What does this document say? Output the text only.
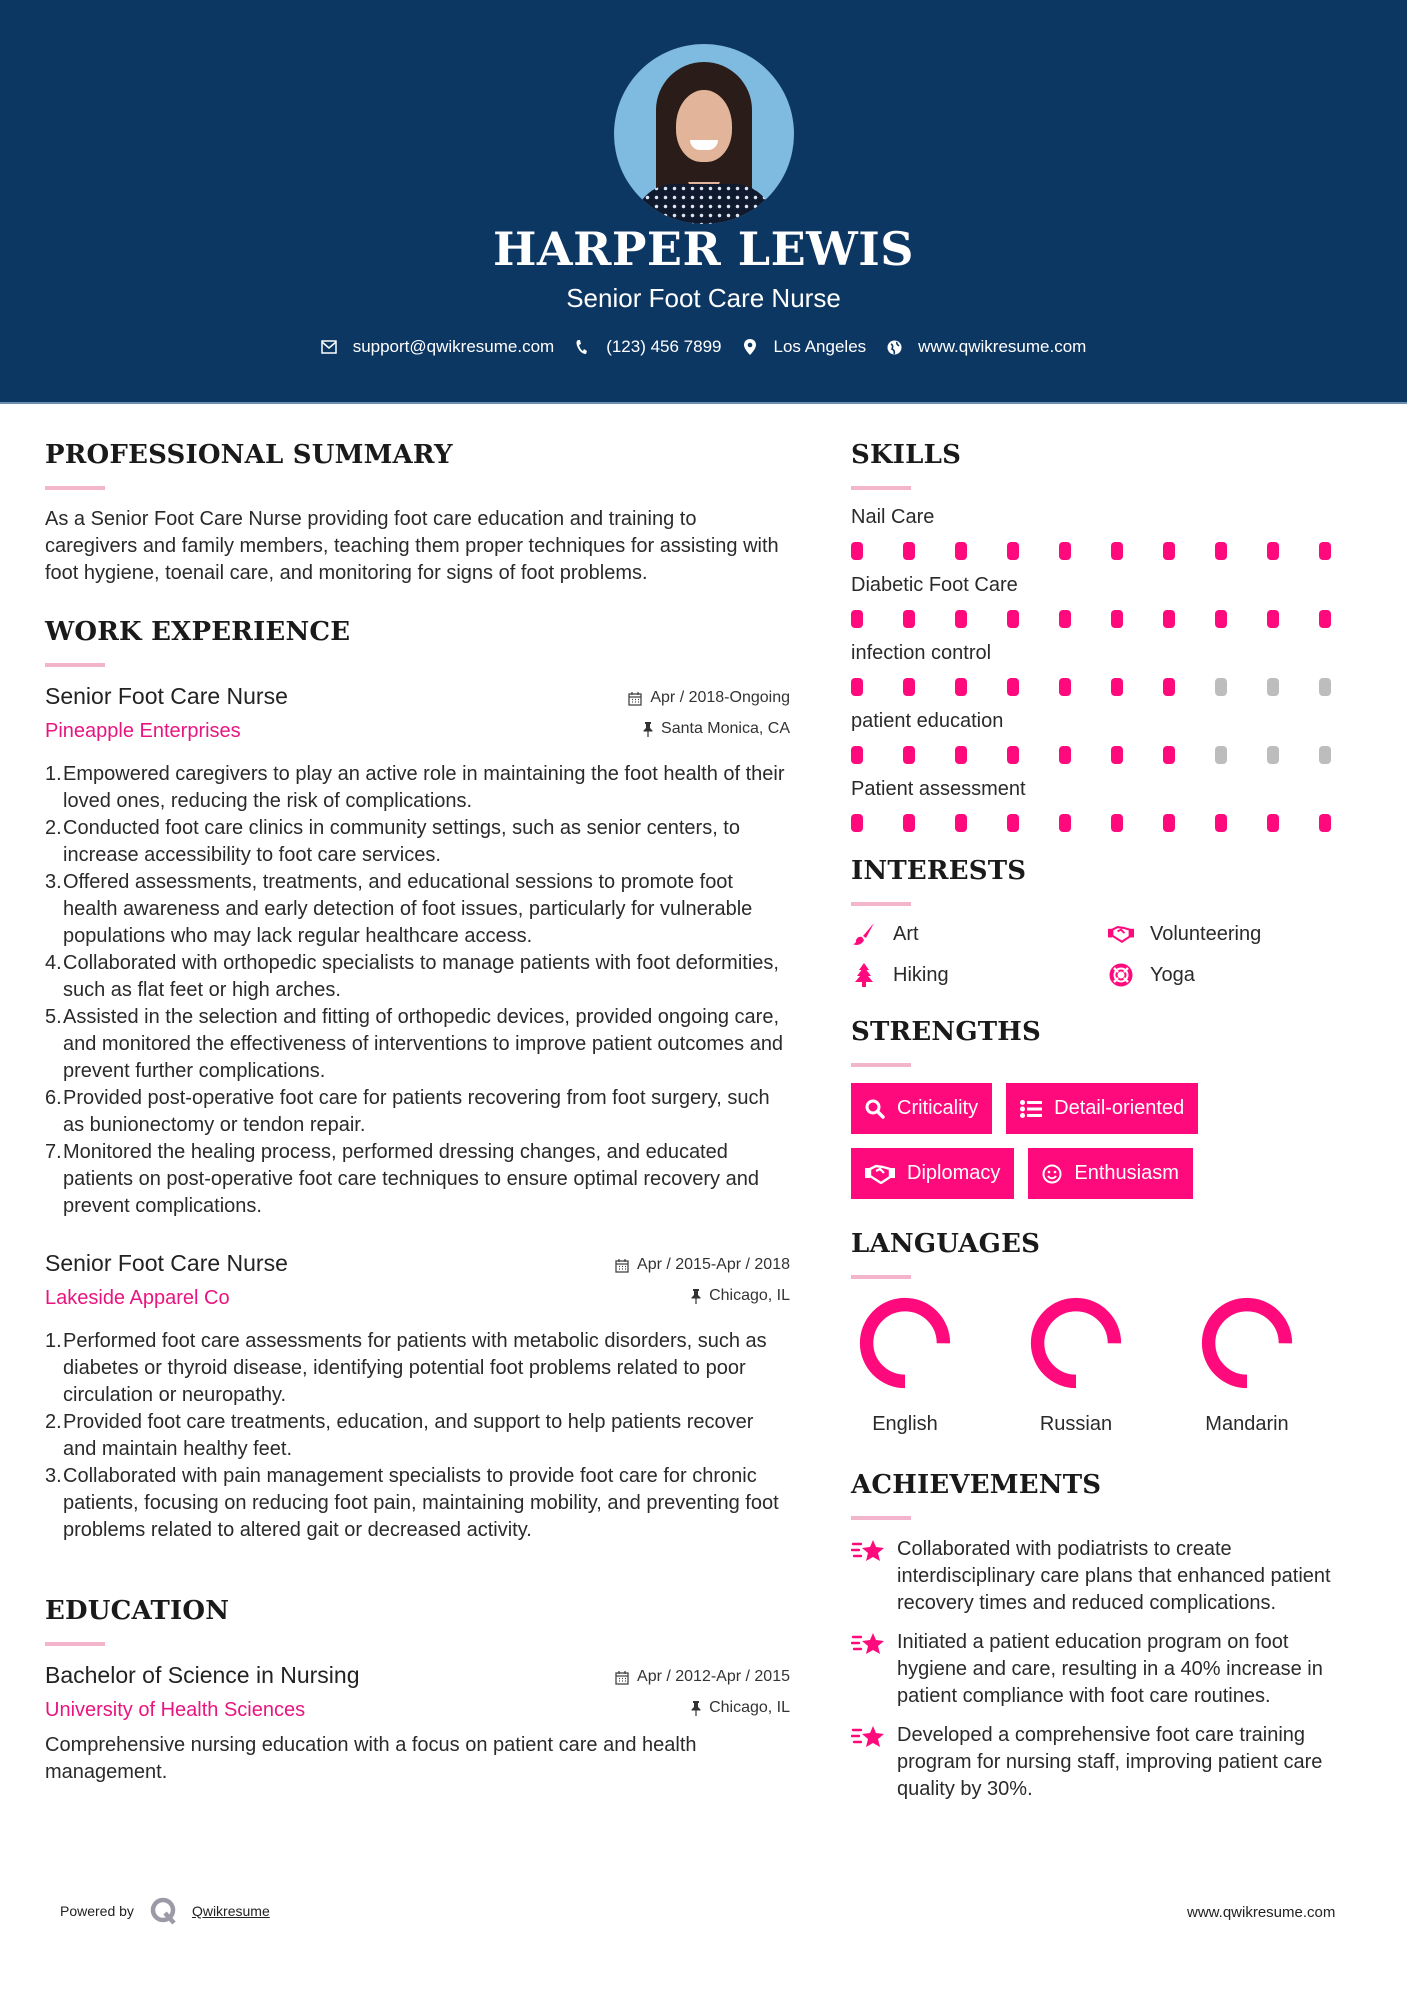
HARPER LEWIS
Senior Foot Care Nurse
support@qwikresume.com	(123) 456 7899	Los Angeles	www.qwikresume.com
PROFESSIONAL SUMMARY

As a Senior Foot Care Nurse providing foot care education and training to caregivers and family members, teaching them proper techniques for assisting with foot hygiene, toenail care, and monitoring for signs of foot problems.

WORK EXPERIENCE
Senior Foot Care Nurse
Pineapple Enterprises
Apr / 2018-Ongoing
Santa Monica, CA
1. Empowered caregivers to play an active role in maintaining the foot health of their loved ones, reducing the risk of complications.
2. Conducted foot care clinics in community settings, such as senior centers, to increase accessibility to foot care services.
3. Offered assessments, treatments, and educational sessions to promote foot health awareness and early detection of foot issues, particularly for vulnerable populations who may lack regular healthcare access.
4. Collaborated with orthopedic specialists to manage patients with foot deformities, such as flat feet or high arches.
5. Assisted in the selection and fitting of orthopedic devices, provided ongoing care, and monitored the effectiveness of interventions to improve patient outcomes and prevent further complications.
6. Provided post-operative foot care for patients recovering from foot surgery, such as bunionectomy or tendon repair.
7. Monitored the healing process, performed dressing changes, and educated patients on post-operative foot care techniques to ensure optimal recovery and prevent complications.
Senior Foot Care Nurse
Lakeside Apparel Co
Apr / 2015-Apr / 2018
Chicago, IL
1. Performed foot care assessments for patients with metabolic disorders, such as diabetes or thyroid disease, identifying potential foot problems related to poor circulation or neuropathy.
2. Provided foot care treatments, education, and support to help patients recover and maintain healthy feet.
3. Collaborated with pain management specialists to provide foot care for chronic patients, focusing on reducing foot pain, maintaining mobility, and preventing foot problems related to altered gait or decreased activity.
EDUCATION
Bachelor of Science in Nursing
University of Health Sciences
Apr / 2012-Apr / 2015
Chicago, IL

Comprehensive nursing education with a focus on patient care and health management.

SKILLS
Nail Care
Diabetic Foot Care
infection control
patient education
Patient assessment
INTERESTS
Art	Volunteering
Hiking	Yoga
STRENGTHS
Criticality	Detail-oriented
Diplomacy	Enthusiasm
LANGUAGES
English	Russian	Mandarin
ACHIEVEMENTS
Collaborated with podiatrists to create interdisciplinary care plans that enhanced patient recovery times and reduced complications.
Initiated a patient education program on foot hygiene and care, resulting in a 40% increase in patient compliance with foot care routines.
Developed a comprehensive foot care training program for nursing staff, improving patient care quality by 30%.
Powered by	Qwikresume	www.qwikresume.com
